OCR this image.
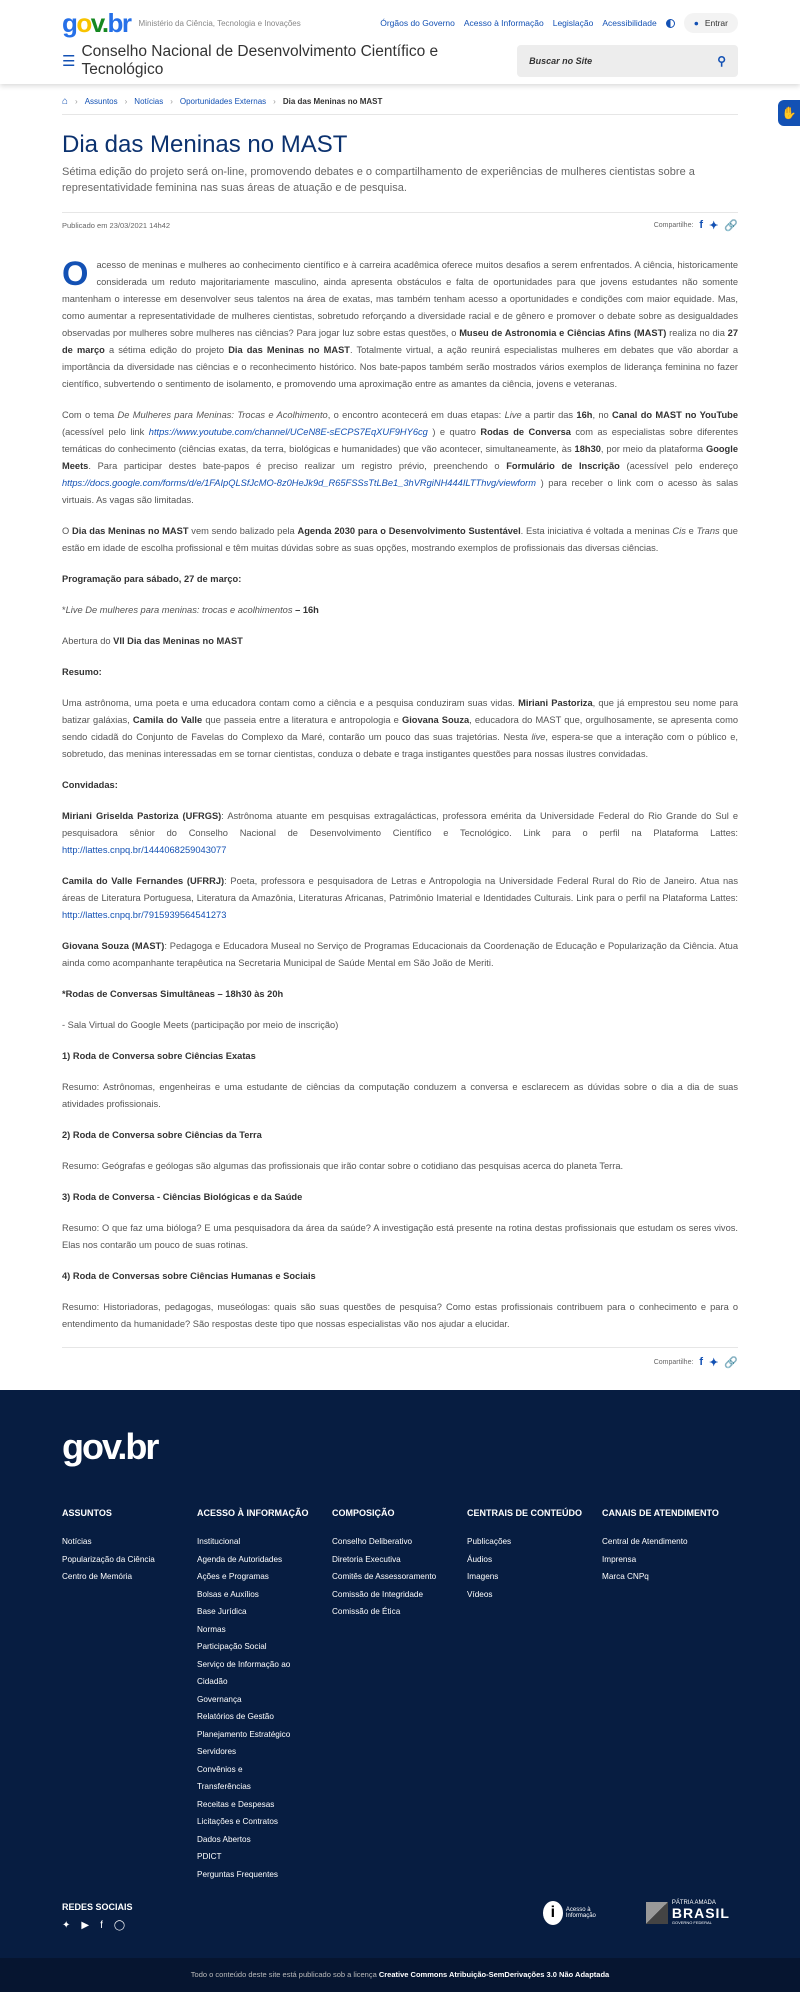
gov.br Ministério da Ciência, Tecnologia e Inovações	Órgãos do Governo Acesso à Informação Legislação Acessibilidade	● Entrar
☰
Conselho Nacional de Desenvolvimento Científico e Tecnológico	Buscar no Site	⚲
✋
⌂ › Assuntos › Notícias › Oportunidades Externas › Dia das Meninas no MAST
Dia das Meninas no MAST

Sétima edição do projeto será on-line, promovendo debates e o compartilhamento de experiências de mulheres cientistas sobre a representatividade feminina nas suas áreas de atuação e de pesquisa.

Publicado em 23/03/2021 14h42	Compartilhe: f ✦ 🔗

Oacesso de meninas e mulheres ao conhecimento científico e à carreira acadêmica oferece muitos desafios a serem enfrentados. A ciência, historicamente considerada um reduto majoritariamente masculino, ainda apresenta obstáculos e falta de oportunidades para que jovens estudantes não somente mantenham o interesse em desenvolver seus talentos na área de exatas, mas também tenham acesso a oportunidades e condições com maior equidade. Mas, como aumentar a representatividade de mulheres cientistas, sobretudo reforçando a diversidade racial e de gênero e promover o debate sobre as desigualdades observadas por mulheres sobre mulheres nas ciências? Para jogar luz sobre estas questões, o Museu de Astronomia e Ciências Afins (MAST) realiza no dia 27 de março a sétima edição do projeto Dia das Meninas no MAST. Totalmente virtual, a ação reunirá especialistas mulheres em debates que vão abordar a importância da diversidade nas ciências e o reconhecimento histórico. Nos bate-papos também serão mostrados vários exemplos de liderança feminina no fazer científico, subvertendo o sentimento de isolamento, e promovendo uma aproximação entre as amantes da ciência, jovens e veteranas.

Com o tema De Mulheres para Meninas: Trocas e Acolhimento, o encontro acontecerá em duas etapas: Live a partir das 16h, no Canal do MAST no YouTube (acessível pelo link https://www.youtube.com/channel/UCeN8E-sECPS7EqXUF9HY6cg ) e quatro Rodas de Conversa com as especialistas sobre diferentes temáticas do conhecimento (ciências exatas, da terra, biológicas e humanidades) que vão acontecer, simultaneamente, às 18h30, por meio da plataforma Google Meets. Para participar destes bate-papos é preciso realizar um registro prévio, preenchendo o Formulário de Inscrição (acessível pelo endereço https://docs.google.com/forms/d/e/1FAIpQLSfJcMO-8z0HeJk9d_R65FSSsTtLBe1_3hVRgiNH444ILTThvg/viewform ) para receber o link com o acesso às salas virtuais. As vagas são limitadas.

O Dia das Meninas no MAST vem sendo balizado pela Agenda 2030 para o Desenvolvimento Sustentável. Esta iniciativa é voltada a meninas Cis e Trans que estão em idade de escolha profissional e têm muitas dúvidas sobre as suas opções, mostrando exemplos de profissionais das diversas ciências.

Programação para sábado, 27 de março:

*Live De mulheres para meninas: trocas e acolhimentos – 16h

Abertura do VII Dia das Meninas no MAST

Resumo:

Uma astrônoma, uma poeta e uma educadora contam como a ciência e a pesquisa conduziram suas vidas. Miriani Pastoriza, que já emprestou seu nome para batizar galáxias, Camila do Valle que passeia entre a literatura e antropologia e Giovana Souza, educadora do MAST que, orgulhosamente, se apresenta como sendo cidadã do Conjunto de Favelas do Complexo da Maré, contarão um pouco das suas trajetórias. Nesta live, espera-se que a interação com o público e, sobretudo, das meninas interessadas em se tornar cientistas, conduza o debate e traga instigantes questões para nossas ilustres convidadas.

Convidadas:

Miriani Griselda Pastoriza (UFRGS): Astrônoma atuante em pesquisas extragalácticas, professora emérita da Universidade Federal do Rio Grande do Sul e pesquisadora sênior do Conselho Nacional de Desenvolvimento Científico e Tecnológico. Link para o perfil na Plataforma Lattes: http://lattes.cnpq.br/1444068259043077

Camila do Valle Fernandes (UFRRJ): Poeta, professora e pesquisadora de Letras e Antropologia na Universidade Federal Rural do Rio de Janeiro. Atua nas áreas de Literatura Portuguesa, Literatura da Amazônia, Literaturas Africanas, Patrimônio Imaterial e Identidades Culturais. Link para o perfil na Plataforma Lattes: http://lattes.cnpq.br/7915939564541273

Giovana Souza (MAST): Pedagoga e Educadora Museal no Serviço de Programas Educacionais da Coordenação de Educação e Popularização da Ciência. Atua ainda como acompanhante terapêutica na Secretaria Municipal de Saúde Mental em São João de Meriti.

*Rodas de Conversas Simultâneas – 18h30 às 20h

- Sala Virtual do Google Meets (participação por meio de inscrição)

1) Roda de Conversa sobre Ciências Exatas

Resumo: Astrônomas, engenheiras e uma estudante de ciências da computação conduzem a conversa e esclarecem as dúvidas sobre o dia a dia de suas atividades profissionais.

2) Roda de Conversa sobre Ciências da Terra

Resumo: Geógrafas e geólogas são algumas das profissionais que irão contar sobre o cotidiano das pesquisas acerca do planeta Terra.

3) Roda de Conversa - Ciências Biológicas e da Saúde

Resumo: O que faz uma bióloga? E uma pesquisadora da área da saúde? A investigação está presente na rotina destas profissionais que estudam os seres vivos. Elas nos contarão um pouco de suas rotinas.

4) Roda de Conversas sobre Ciências Humanas e Sociais

Resumo: Historiadoras, pedagogas, museólogas: quais são suas questões de pesquisa? Como estas profissionais contribuem para o conhecimento e para o entendimento da humanidade? São respostas deste tipo que nossas especialistas vão nos ajudar a elucidar.

Compartilhe: f ✦ 🔗
gov.br
ASSUNTOS
Notícias
Popularização da Ciência
Centro de Memória
ACESSO À INFORMAÇÃO
Institucional
Agenda de Autoridades
Ações e Programas
Bolsas e Auxílios
Base Jurídica
Normas
Participação Social
Serviço de Informação ao Cidadão
Governança
Relatórios de Gestão
Planejamento Estratégico
Servidores
Convênios e Transferências
Receitas e Despesas
Licitações e Contratos
Dados Abertos
PDICT
Perguntas Frequentes
COMPOSIÇÃO
Conselho Deliberativo
Diretoria Executiva
Comitês de Assessoramento
Comissão de Integridade
Comissão de Ética
CENTRAIS DE CONTEÚDO
Publicações
Áudios
Imagens
Vídeos
CANAIS DE ATENDIMENTO
Central de Atendimento
Imprensa
Marca CNPq
REDES SOCIAIS
✦ ▶ f ◯
i	Acesso à Informação
PÁTRIA AMADA
BRASIL
GOVERNO FEDERAL
Todo o conteúdo deste site está publicado sob a licença Creative Commons Atribuição-SemDerivações 3.0 Não Adaptada
